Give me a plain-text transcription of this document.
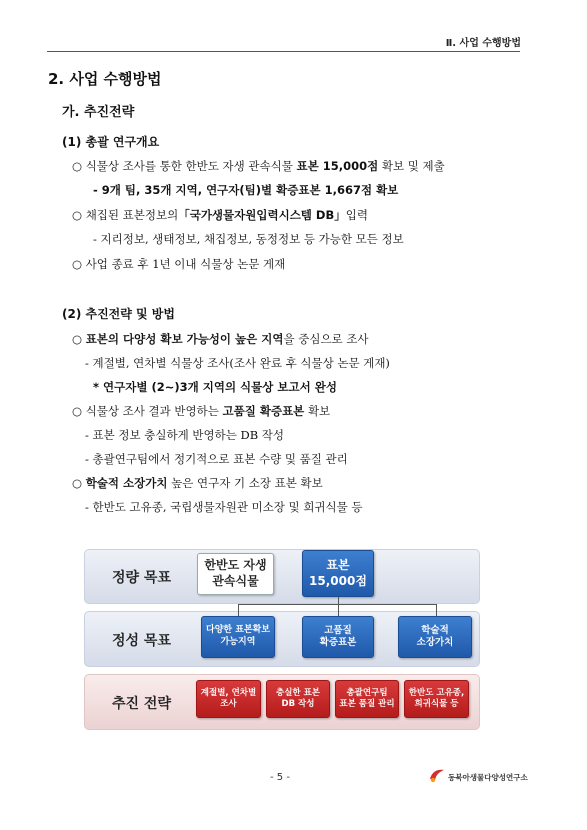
Ⅱ. 사업 수행방법
2. 사업 수행방법
가. 추진전략
(1) 총괄 연구개요
○ 식물상 조사를 통한 한반도 자생 관속식물 표본 15,000점 확보 및 제출
- 9개 팀, 35개 지역, 연구자(팀)별 확증표본 1,667점 확보
○ 채집된 표본정보의「국가생물자원입력시스템 DB」입력
- 지리정보, 생태정보, 채집정보, 동정정보 등 가능한 모든 정보
○ 사업 종료 후 1년 이내 식물상 논문 게재
(2) 추진전략 및 방법
○ 표본의 다양성 확보 가능성이 높은 지역을 중심으로 조사
- 계절별, 연차별 식물상 조사(조사 완료 후 식물상 논문 게재)
* 연구자별 (2~)3개 지역의 식물상 보고서 완성
○ 식물상 조사 결과 반영하는 고품질 확증표본 확보
- 표본 정보 충실하게 반영하는 DB 작성
- 총괄연구팀에서 정기적으로 표본 수량 및 품질 관리
○ 학술적 소장가치 높은 연구자 기 소장 표본 확보
- 한반도 고유종, 국립생물자원관 미소장 및 희귀식물 등
정량 목표
정성 목표
추진 전략
한반도 자생
관속식물
표본
15,000점
다양한 표본확보
가능지역
고품질
확증표본
학술적
소장가치
계절별, 연차별
조사
충실한 표본
DB 작성
총괄연구팀
표본 품질 관리
한반도 고유종,
희귀식물 등
- 5 -	동북아생물다양성연구소
